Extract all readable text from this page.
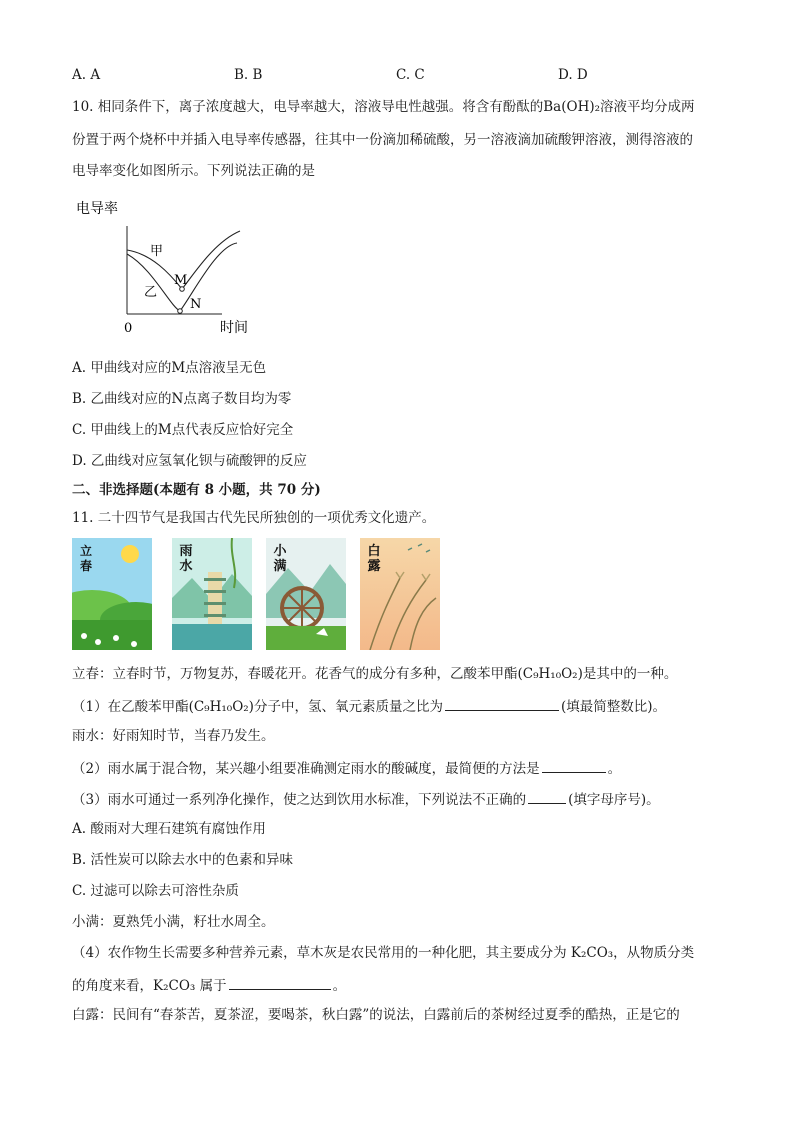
A. A	B. B	C. C	D. D
10. 相同条件下，离子浓度越大，电导率越大，溶液导电性越强。将含有酚酞的Ba(OH)₂溶液平均分成两
份置于两个烧杯中并插入电导率传感器，往其中一份滴加稀硫酸，另一溶液滴加硫酸钾溶液，测得溶液的
电导率变化如图所示。下列说法正确的是
电导率
0	时间
甲
乙
M
N
A. 甲曲线对应的M点溶液呈无色
B. 乙曲线对应的N点离子数目均为零
C. 甲曲线上的M点代表反应恰好完全
D. 乙曲线对应氢氧化钡与硫酸钾的反应
二、非选择题(本题有 8 小题，共 70 分)
11. 二十四节气是我国古代先民所独创的一项优秀文化遗产。
立春
雨水
小满
白露
立春：立春时节，万物复苏，春暖花开。花香气的成分有多种，乙酸苯甲酯(C₉H₁₀O₂)是其中的一种。
（1）在乙酸苯甲酯(C₉H₁₀O₂)分子中，氢、氧元素质量之比为	(填最简整数比)。
雨水：好雨知时节，当春乃发生。
（2）雨水属于混合物，某兴趣小组要准确测定雨水的酸碱度，最简便的方法是	。
（3）雨水可通过一系列净化操作，使之达到饮用水标准，下列说法不正确的	(填字母序号)。
A. 酸雨对大理石建筑有腐蚀作用
B. 活性炭可以除去水中的色素和异味
C. 过滤可以除去可溶性杂质
小满：夏熟凭小满，籽壮水周全。
（4）农作物生长需要多种营养元素，草木灰是农民常用的一种化肥，其主要成分为 K₂CO₃，从物质分类
的角度来看，K₂CO₃ 属于	。
白露：民间有“春茶苦，夏茶涩，要喝茶，秋白露”的说法，白露前后的茶树经过夏季的酷热，正是它的
